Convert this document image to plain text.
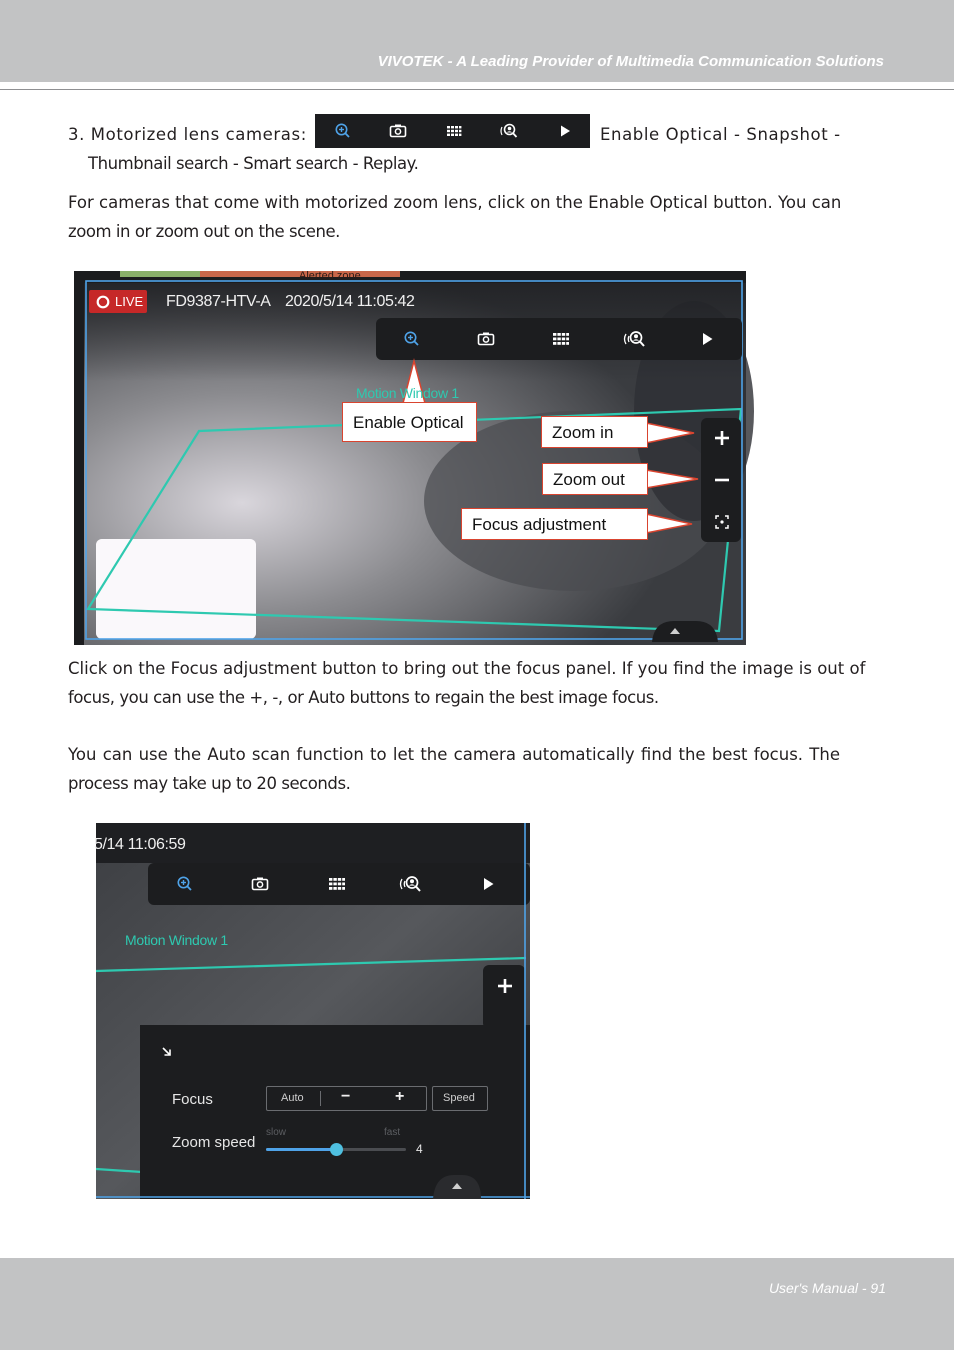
VIVOTEK - A Leading Provider of Multimedia Communication Solutions
3. Motorized lens cameras:	Enable Optical - Snapshot -
Thumbnail search - Smart search - Replay.
For cameras that come with motorized zoom lens, click on the Enable Optical button. You can
zoom in or zoom out on the scene.
LIVE FD9387-HTV-A 2020/5/14 11:05:42
Motion Window 1
Enable Optical
Zoom in
Zoom out
Focus adjustment
Click on the Focus adjustment button to bring out the focus panel. If you find the image is out of
focus, you can use the +, -, or Auto buttons to regain the best image focus.
You can use the Auto scan function to let the camera automatically find the best focus. The
process may take up to 20 seconds.
5/14 11:06:59
Motion Window 1
Focus	Auto −	+	Speed
Zoom speed
slow	fast
4
User's Manual - 91
